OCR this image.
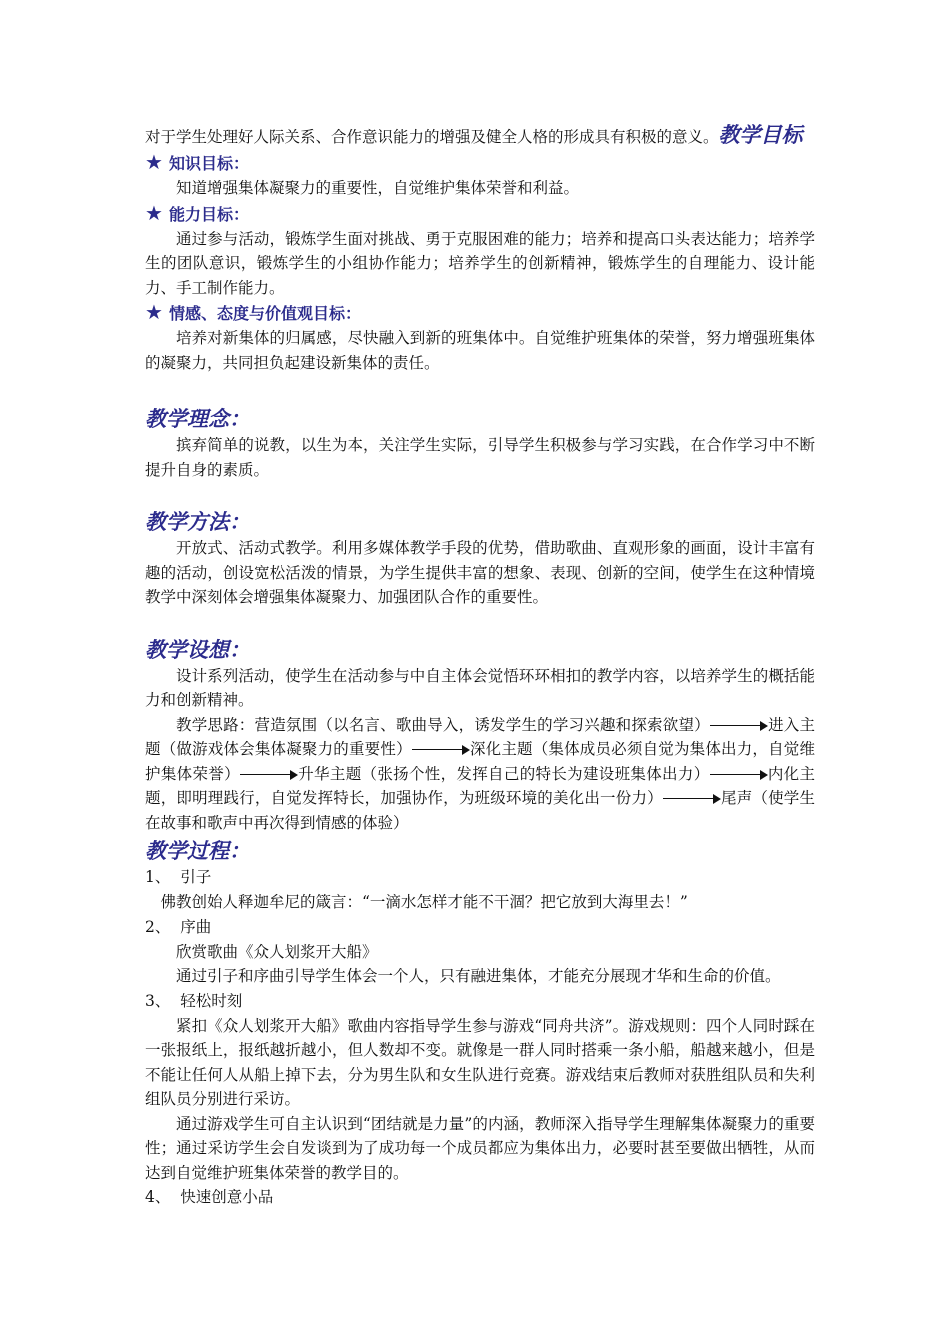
对于学生处理好人际关系、合作意识能力的增强及健全人格的形成具有积极的意义。教学目标
★ 知识目标：
知道增强集体凝聚力的重要性，自觉维护集体荣誉和利益。
★ 能力目标：
通过参与活动，锻炼学生面对挑战、勇于克服困难的能力；培养和提高口头表达能力；培养学生的团队意识，锻炼学生的小组协作能力；培养学生的创新精神，锻炼学生的自理能力、设计能力、手工制作能力。
★ 情感、态度与价值观目标：
培养对新集体的归属感，尽快融入到新的班集体中。自觉维护班集体的荣誉，努力增强班集体的凝聚力，共同担负起建设新集体的责任。
教学理念：
摈弃简单的说教，以生为本，关注学生实际，引导学生积极参与学习实践，在合作学习中不断提升自身的素质。
教学方法：
开放式、活动式教学。利用多媒体教学手段的优势，借助歌曲、直观形象的画面，设计丰富有趣的活动，创设宽松活泼的情景，为学生提供丰富的想象、表现、创新的空间，使学生在这种情境教学中深刻体会增强集体凝聚力、加强团队合作的重要性。
教学设想：
设计系列活动，使学生在活动参与中自主体会觉悟环环相扣的教学内容，以培养学生的概括能力和创新精神。
教学思路：营造氛围（以名言、歌曲导入，诱发学生的学习兴趣和探索欲望）	进入主题（做游戏体会集体凝聚力的重要性）	深化主题（集体成员必须自觉为集体出力，自觉维护集体荣誉）	升华主题（张扬个性，发挥自己的特长为建设班集体出力）	内化主题，即明理践行，自觉发挥特长，加强协作，为班级环境的美化出一份力）	尾声（使学生在故事和歌声中再次得到情感的体验）
教学过程：
1、 引子
佛教创始人释迦牟尼的箴言：“一滴水怎样才能不干涸？把它放到大海里去！”
2、 序曲
欣赏歌曲《众人划浆开大船》
通过引子和序曲引导学生体会一个人，只有融进集体，才能充分展现才华和生命的价值。
3、 轻松时刻
紧扣《众人划浆开大船》歌曲内容指导学生参与游戏“同舟共济”。游戏规则：四个人同时踩在一张报纸上，报纸越折越小，但人数却不变。就像是一群人同时搭乘一条小船，船越来越小，但是不能让任何人从船上掉下去，分为男生队和女生队进行竞赛。游戏结束后教师对获胜组队员和失利组队员分别进行采访。
通过游戏学生可自主认识到“团结就是力量”的内涵，教师深入指导学生理解集体凝聚力的重要性；通过采访学生会自发谈到为了成功每一个成员都应为集体出力，必要时甚至要做出牺牲，从而达到自觉维护班集体荣誉的教学目的。
4、 快速创意小品
